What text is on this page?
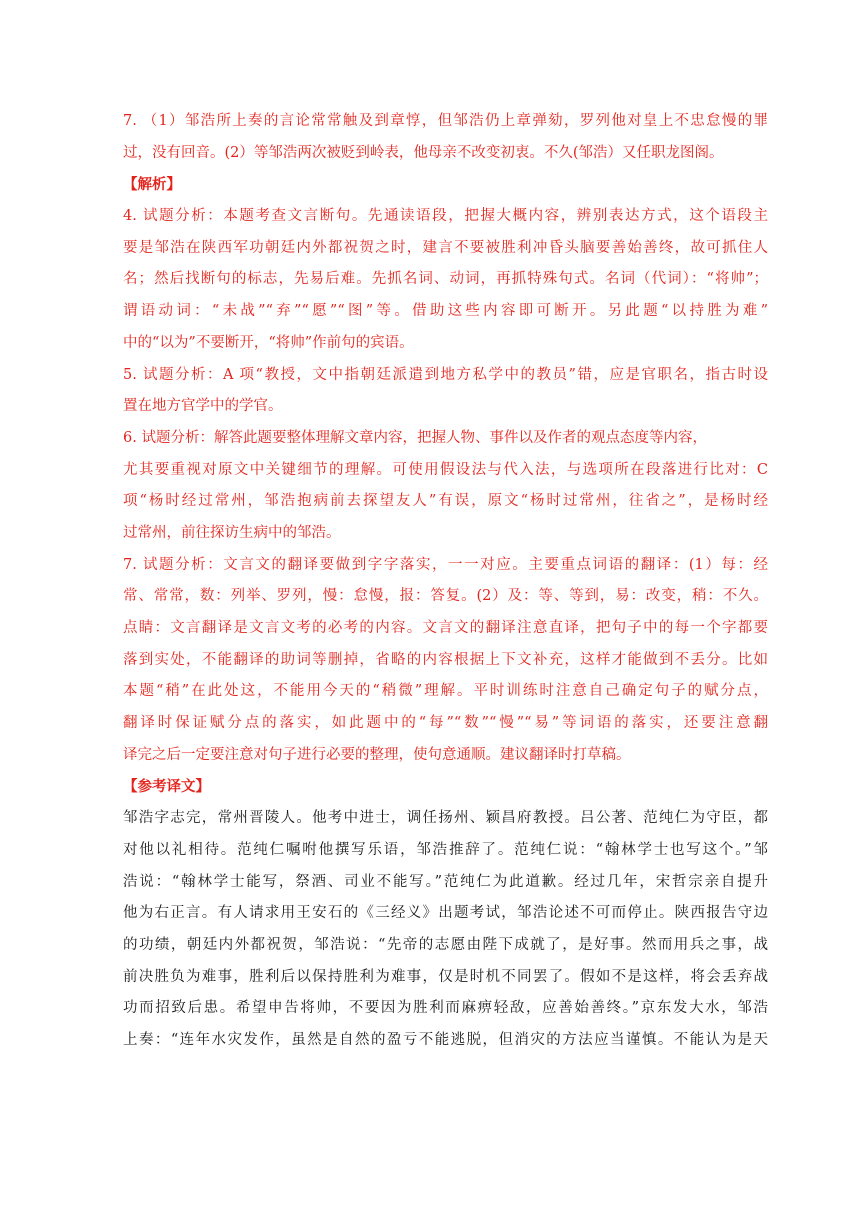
7. （1）邹浩所上奏的言论常常触及到章惇，但邹浩仍上章弹劾，罗列他对皇上不忠怠慢的罪
过，没有回音。(2）等邹浩两次被贬到岭表，他母亲不改变初衷。不久(邹浩）又任职龙图阁。
【解析】
4. 试题分析：本题考查文言断句。先通读语段，把握大概内容，辨别表达方式，这个语段主
要是邹浩在陕西军功朝廷内外都祝贺之时，建言不要被胜利冲昏头脑要善始善终，故可抓住人
名；然后找断句的标志，先易后难。先抓名词、动词，再抓特殊句式。名词（代词）：“将帅”；
谓语动词：“未战”“弃”“愿”“图”等。借助这些内容即可断开。另此题“以持胜为难”
中的“以为”不要断开，“将帅”作前句的宾语。
5. 试题分析：A 项“教授，文中指朝廷派遣到地方私学中的教员”错，应是官职名，指古时设
置在地方官学中的学官。
6. 试题分析：解答此题要整体理解文章内容，把握人物、事件以及作者的观点态度等内容，
尤其要重视对原文中关键细节的理解。可使用假设法与代入法，与选项所在段落进行比对：C
项“杨时经过常州，邹浩抱病前去探望友人”有误，原文“杨时过常州，往省之”，是杨时经
过常州，前往探访生病中的邹浩。
7. 试题分析：文言文的翻译要做到字字落实，一一对应。主要重点词语的翻译：(1）每：经
常、常常，数：列举、罗列，慢：怠慢，报：答复。(2）及：等、等到，易：改变，稍：不久。
点睛：文言翻译是文言文考的必考的内容。文言文的翻译注意直译，把句子中的每一个字都要
落到实处，不能翻译的助词等删掉，省略的内容根据上下文补充，这样才能做到不丢分。比如
本题“稍”在此处这，不能用今天的“稍微”理解。平时训练时注意自己确定句子的赋分点，
翻译时保证赋分点的落实，如此题中的“每”“数”“慢”“易”等词语的落实，还要注意翻
译完之后一定要注意对句子进行必要的整理，使句意通顺。建议翻译时打草稿。
【参考译文】
邹浩字志完，常州晋陵人。他考中进士，调任扬州、颖昌府教授。吕公著、范纯仁为守臣，都
对他以礼相待。范纯仁嘱咐他撰写乐语，邹浩推辞了。范纯仁说：“翰林学士也写这个。”邹
浩说：“翰林学士能写，祭酒、司业不能写。”范纯仁为此道歉。经过几年，宋哲宗亲自提升
他为右正言。有人请求用王安石的《三经义》出题考试，邹浩论述不可而停止。陕西报告守边
的功绩，朝廷内外都祝贺，邹浩说：“先帝的志愿由陛下成就了，是好事。然而用兵之事，战
前决胜负为难事，胜利后以保持胜利为难事，仅是时机不同罢了。假如不是这样，将会丢弃战
功而招致后患。希望申告将帅，不要因为胜利而麻痹轻敌，应善始善终。”京东发大水，邹浩
上奏：“连年水灾发作，虽然是自然的盈亏不能逃脱，但消灾的方法应当谨慎。不能认为是天
